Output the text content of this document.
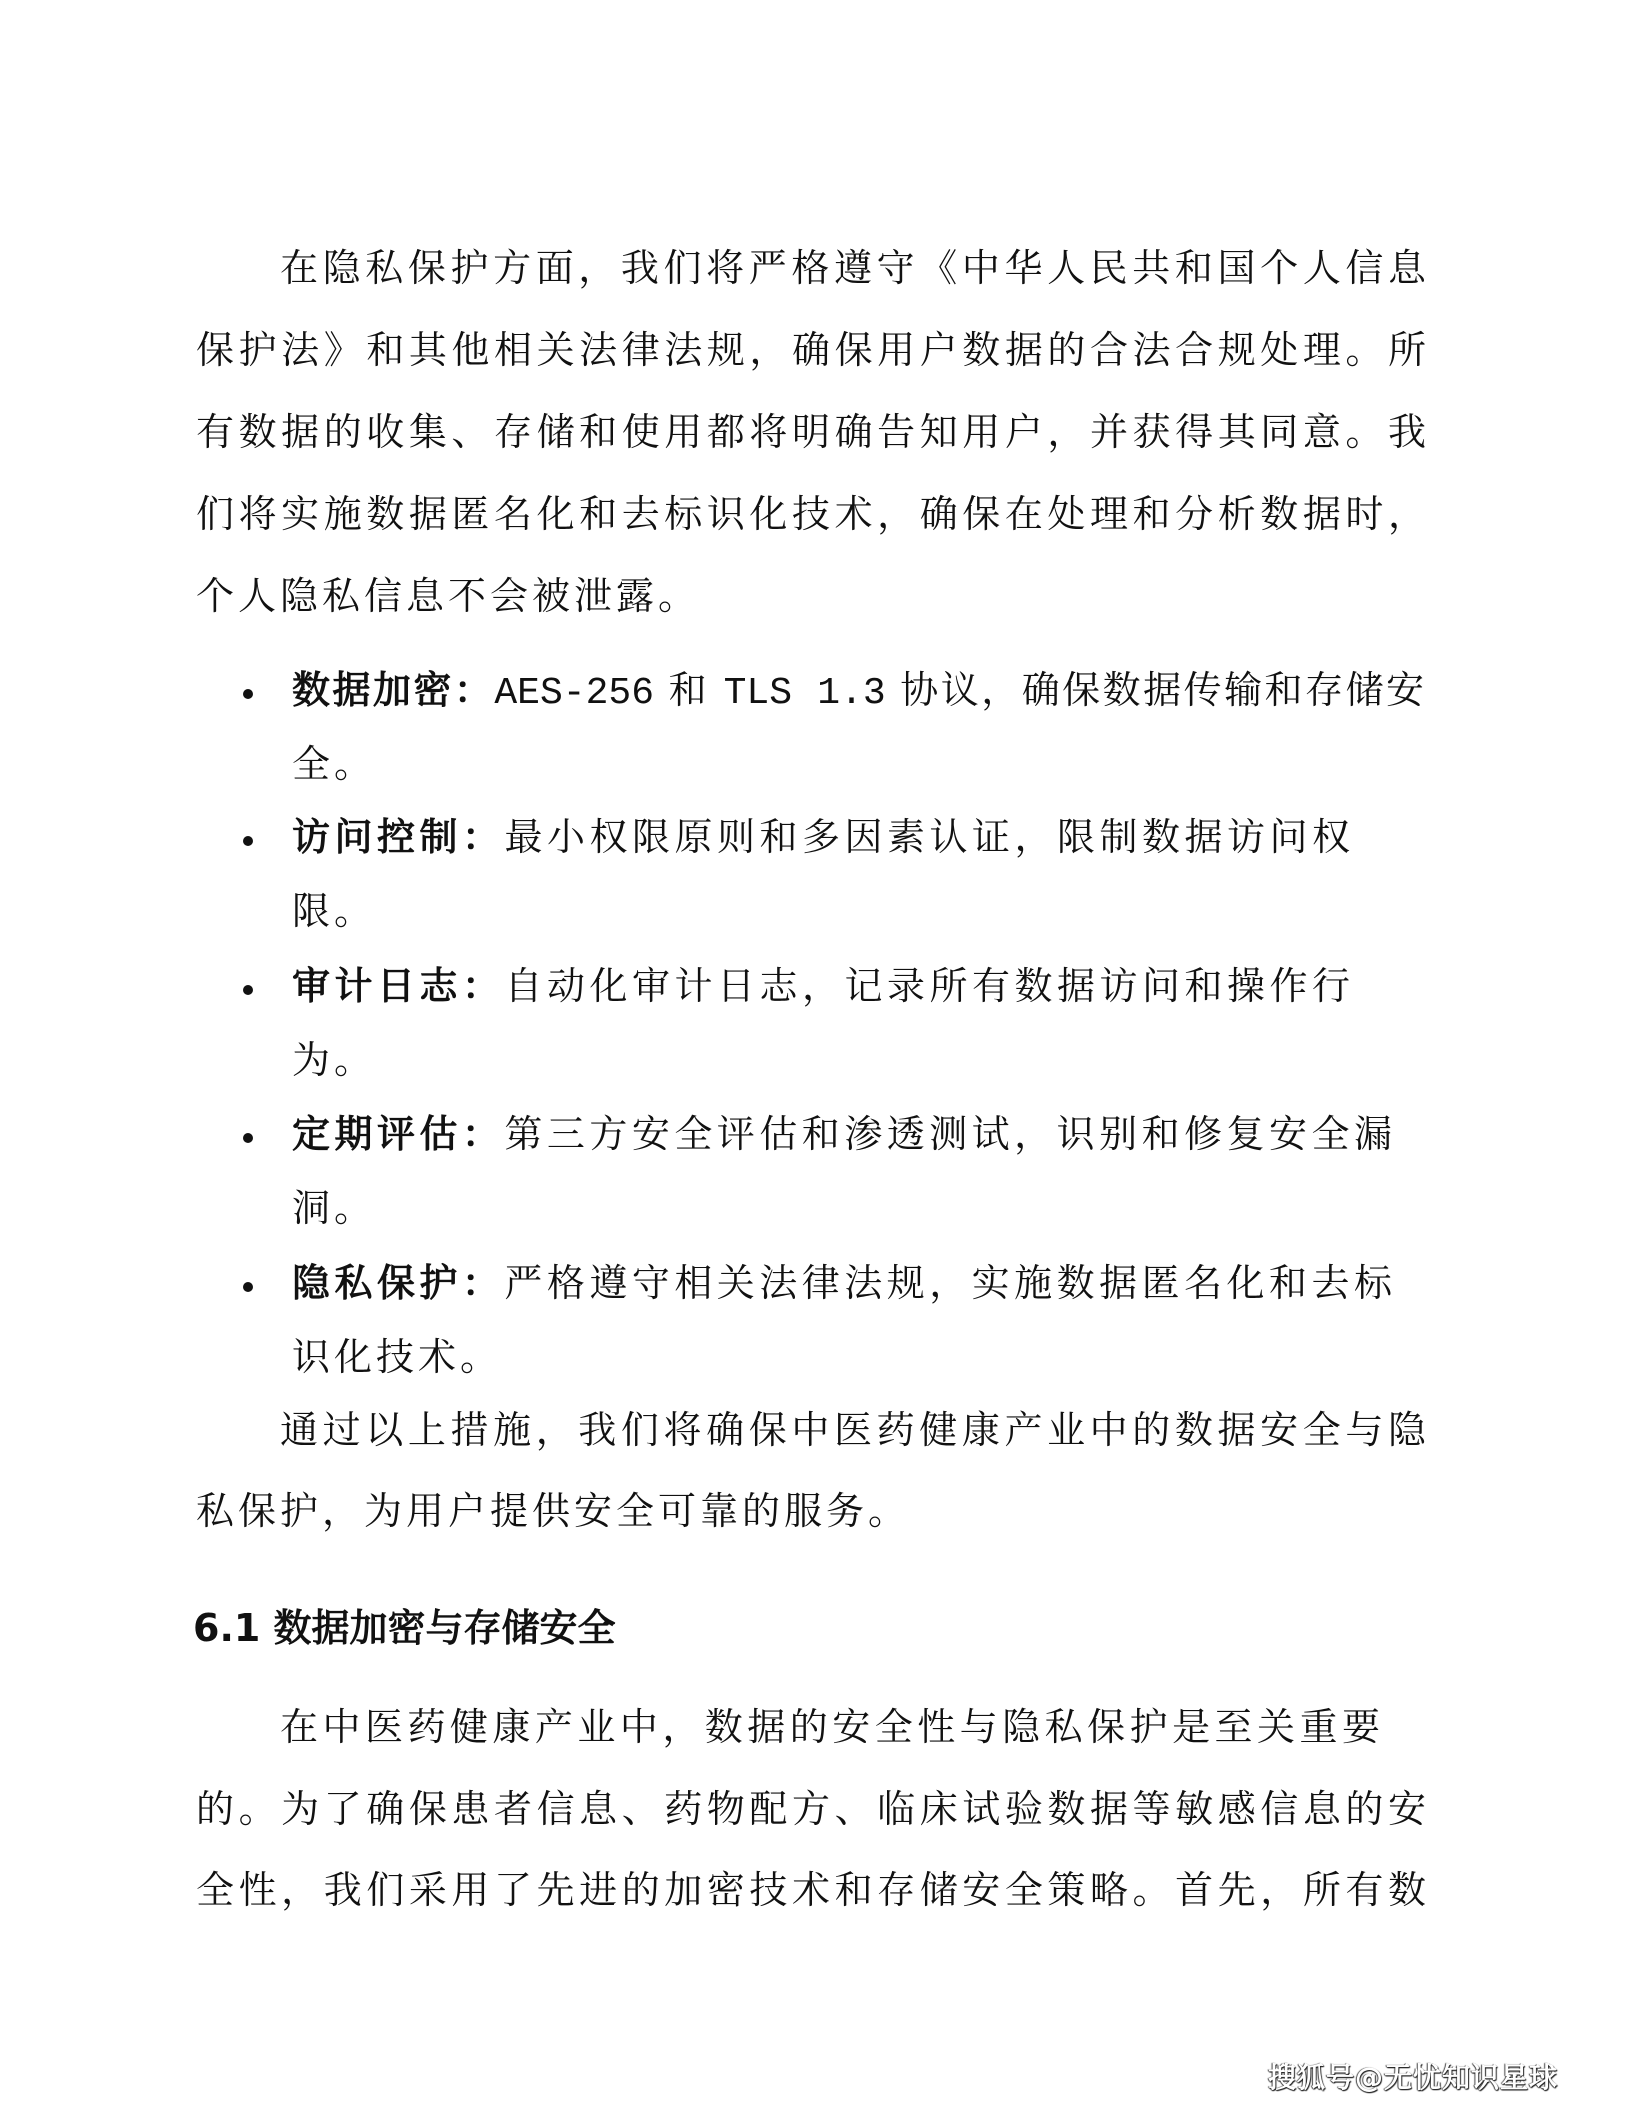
在隐私保护方面，我们将严格遵守《中华人民共和国个人信息
保护法》和其他相关法律法规，确保用户数据的合法合规处理。所
有数据的收集、存储和使用都将明确告知用户，并获得其同意。我
们将实施数据匿名化和去标识化技术，确保在处理和分析数据时，
个人隐私信息不会被泄露。
数据加密：AES-256 和 TLS 1.3 协议，确保数据传输和存储安
全。
访问控制：最小权限原则和多因素认证，限制数据访问权
限。
审计日志：自动化审计日志，记录所有数据访问和操作行
为。
定期评估：第三方安全评估和渗透测试，识别和修复安全漏
洞。
隐私保护：严格遵守相关法律法规，实施数据匿名化和去标
识化技术。
通过以上措施，我们将确保中医药健康产业中的数据安全与隐
私保护，为用户提供安全可靠的服务。
6.1 数据加密与存储安全
在中医药健康产业中，数据的安全性与隐私保护是至关重要
的。为了确保患者信息、药物配方、临床试验数据等敏感信息的安
全性，我们采用了先进的加密技术和存储安全策略。首先，所有数
搜狐号@无忧知识星球
